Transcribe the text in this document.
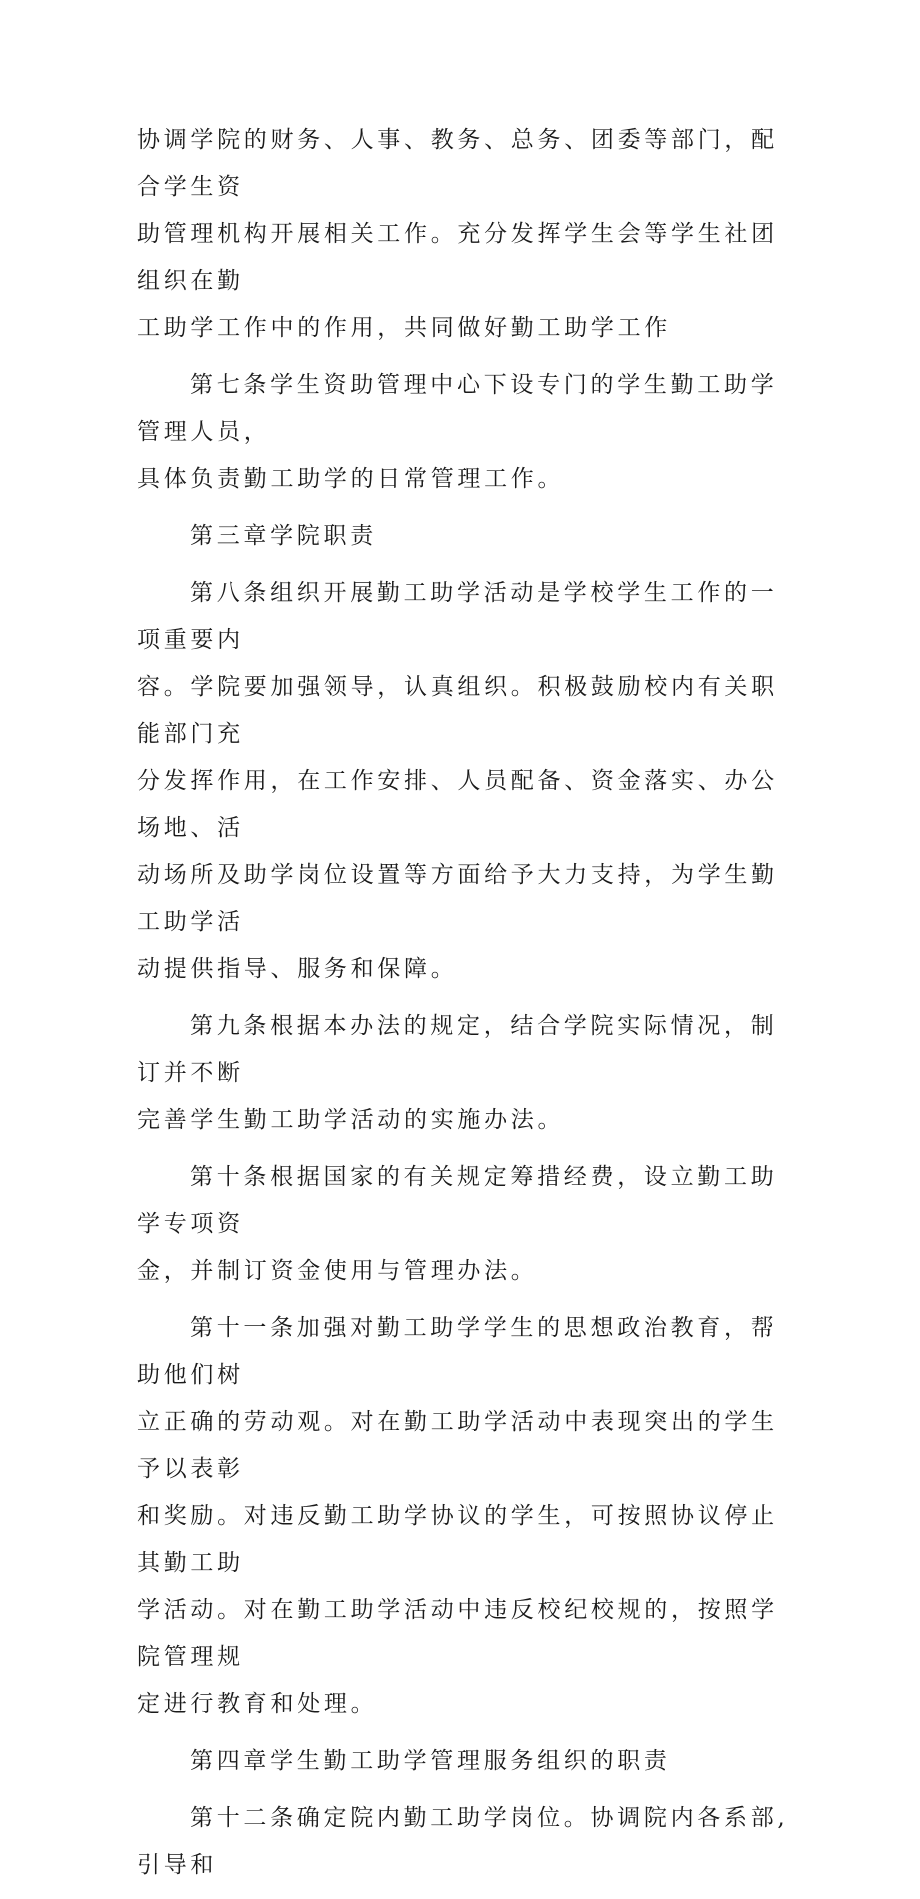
协调学院的财务、人事、教务、总务、团委等部门，配合学生资
助管理机构开展相关工作。充分发挥学生会等学生社团组织在勤
工助学工作中的作用，共同做好勤工助学工作

第七条学生资助管理中心下设专门的学生勤工助学管理人员，
具体负责勤工助学的日常管理工作。

第三章学院职责

第八条组织开展勤工助学活动是学校学生工作的一项重要内
容。学院要加强领导，认真组织。积极鼓励校内有关职能部门充
分发挥作用，在工作安排、人员配备、资金落实、办公场地、活
动场所及助学岗位设置等方面给予大力支持，为学生勤工助学活
动提供指导、服务和保障。

第九条根据本办法的规定，结合学院实际情况，制订并不断
完善学生勤工助学活动的实施办法。

第十条根据国家的有关规定筹措经费，设立勤工助学专项资
金，并制订资金使用与管理办法。

第十一条加强对勤工助学学生的思想政治教育，帮助他们树
立正确的劳动观。对在勤工助学活动中表现突出的学生予以表彰
和奖励。对违反勤工助学协议的学生，可按照协议停止其勤工助
学活动。对在勤工助学活动中违反校纪校规的，按照学院管理规
定进行教育和处理。

第四章学生勤工助学管理服务组织的职责

第十二条确定院内勤工助学岗位。协调院内各系部,引导和
